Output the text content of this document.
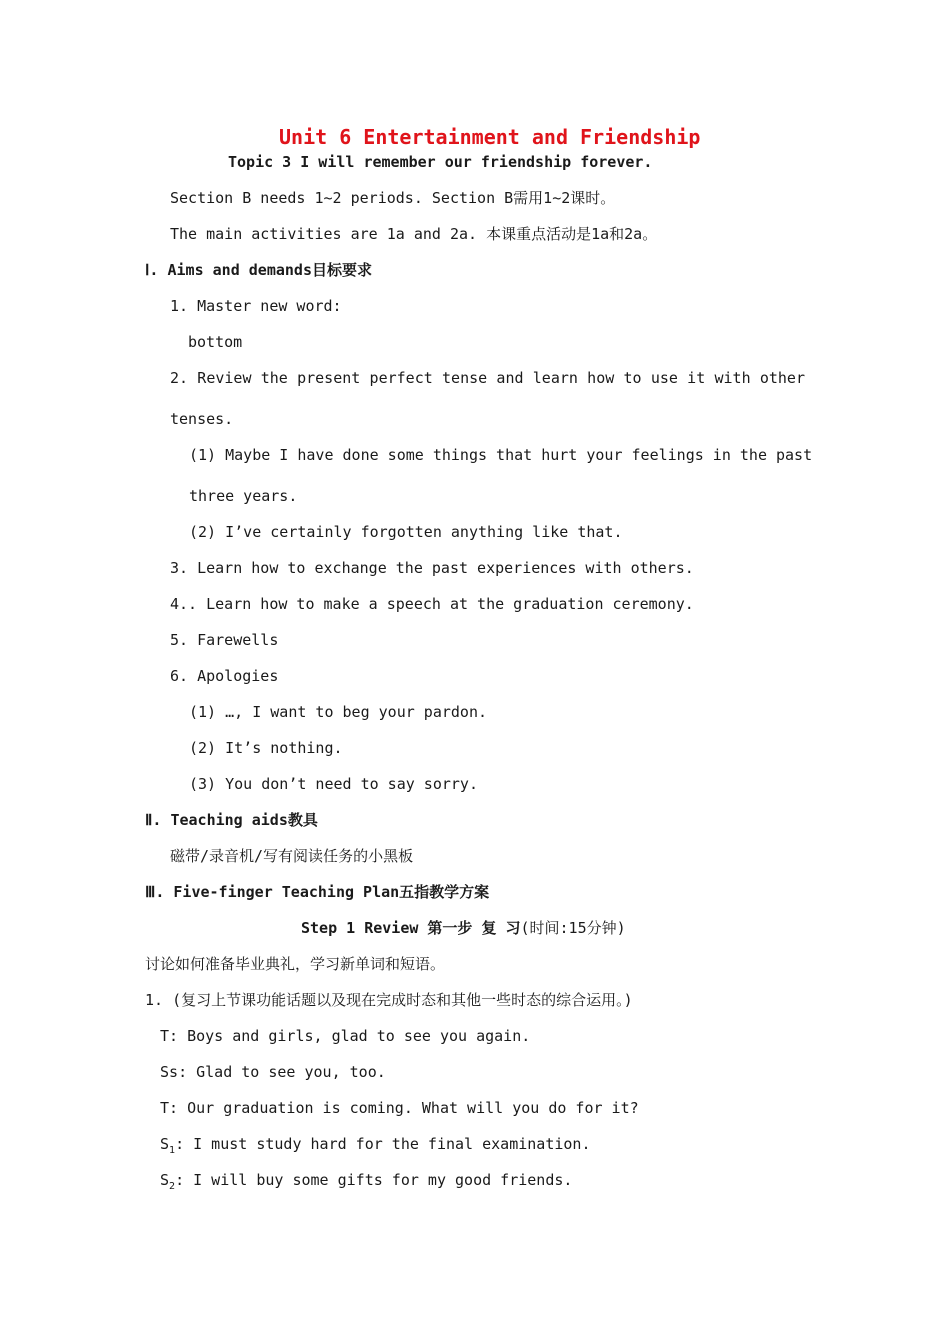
Unit 6 Entertainment and Friendship
Topic 3 I will remember our friendship forever.
Section B needs 1~2 periods. Section B需用1~2课时。
The main activities are 1a and 2a. 本课重点活动是1a和2a。
Ⅰ. Aims and demands目标要求
1. Master new word:
bottom
2. Review the present perfect tense and learn how to use it with other
tenses.
(1) Maybe I have done some things that hurt your feelings in the past
three years.
(2) I’ve certainly forgotten anything like that.
3. Learn how to exchange the past experiences with others.
4.. Learn how to make a speech at the graduation ceremony.
5. Farewells
6. Apologies
(1) …, I want to beg your pardon.
(2) It’s nothing.
(3) You don’t need to say sorry.
Ⅱ. Teaching aids教具
磁带/录音机/写有阅读任务的小黑板
Ⅲ. Five-finger Teaching Plan五指教学方案
Step 1 Review 第一步 复 习(时间:15分钟)
讨论如何准备毕业典礼，学习新单词和短语。
1. (复习上节课功能话题以及现在完成时态和其他一些时态的综合运用。)
T: Boys and girls, glad to see you again.
Ss: Glad to see you, too.
T: Our graduation is coming. What will you do for it?
$S_1$: I must study hard for the final examination.
$S_2$: I will buy some gifts for my good friends.
